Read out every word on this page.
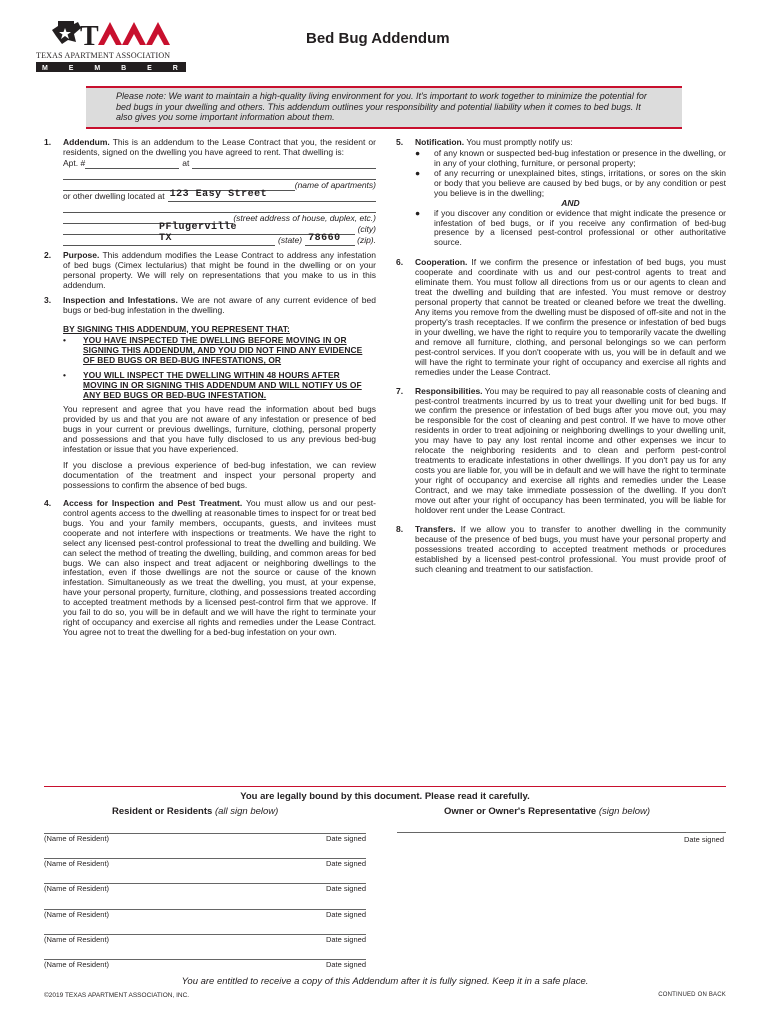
T
TEXAS APARTMENT ASSOCIATION
M E M B E R
Bed Bug Addendum
Please note: We want to maintain a high-quality living environment for you. It's important to work together to minimize the potential for bed bugs in your dwelling and others. This addendum outlines your responsibility and potential liability when it comes to bed bugs. It also gives you some important information about them.
1. Addendum. This is an addendum to the Lease Contract that you, the resident or residents, signed on the dwelling you have agreed to rent. That dwelling is:

Apt. #	at
(name of apartments)
or other dwelling located at 123 Easy Street
(street address of house, duplex, etc.)
PFlugerville	(city)
TX	(state) 78660 (zip).
2. Purpose. This addendum modifies the Lease Contract to address any infestation of bed bugs (Cimex lectularius) that might be found in the dwelling or on your personal property. We will rely on representations that you make to us in this addendum.

3. Inspection and Infestations. We are not aware of any current evidence of bed bugs or bed-bug infestation in the dwelling.

BY SIGNING THIS ADDENDUM, YOU REPRESENT THAT:
• YOU HAVE INSPECTED THE DWELLING BEFORE MOVING IN OR SIGNING THIS ADDENDUM, AND YOU DID NOT FIND ANY EVIDENCE OF BED BUGS OR BED-BUG INFESTATIONS, OR
• YOU WILL INSPECT THE DWELLING WITHIN 48 HOURS AFTER MOVING IN OR SIGNING THIS ADDENDUM AND WILL NOTIFY US OF ANY BED BUGS OR BED-BUG INFESTATION.

You represent and agree that you have read the information about bed bugs provided by us and that you are not aware of any infestation or presence of bed bugs in your current or previous dwellings, furniture, clothing, personal property and possessions and that you have fully disclosed to us any previous bed-bug infestation or issue that you have experienced.

If you disclose a previous experience of bed-bug infestation, we can review documentation of the treatment and inspect your personal property and possessions to confirm the absence of bed bugs.

4. Access for Inspection and Pest Treatment. You must allow us and our pest-control agents access to the dwelling at reasonable times to inspect for or treat bed bugs. You and your family members, occupants, guests, and invitees must cooperate and not interfere with inspections or treatments. We have the right to select any licensed pest-control professional to treat the dwelling and building. We can select the method of treating the dwelling, building, and common areas for bed bugs. We can also inspect and treat adjacent or neighboring dwellings to the infestation, even if those dwellings are not the source or cause of the known infestation. Simultaneously as we treat the dwelling, you must, at your expense, have your personal property, furniture, clothing, and possessions treated according to accepted treatment methods by a licensed pest-control firm that we approve. If you fail to do so, you will be in default and we will have the right to terminate your right of occupancy and exercise all rights and remedies under the Lease Contract. You agree not to treat the dwelling for a bed-bug infestation on your own.

5. Notification. You must promptly notify us:

● of any known or suspected bed-bug infestation or presence in the dwelling, or in any of your clothing, furniture, or personal property;
● of any recurring or unexplained bites, stings, irritations, or sores on the skin or body that you believe are caused by bed bugs, or by any condition or pest you believe is in the dwelling;
AND
● if you discover any condition or evidence that might indicate the presence or infestation of bed bugs, or if you receive any confirmation of bed-bug presence by a licensed pest-control professional or other authoritative source.
6. Cooperation. If we confirm the presence or infestation of bed bugs, you must cooperate and coordinate with us and our pest-control agents to treat and eliminate them. You must follow all directions from us or our agents to clean and treat the dwelling and building that are infested. You must remove or destroy personal property that cannot be treated or cleaned before we treat the dwelling. Any items you remove from the dwelling must be disposed of off-site and not in the property's trash receptacles. If we confirm the presence or infestation of bed bugs in your dwelling, we have the right to require you to temporarily vacate the dwelling and remove all furniture, clothing, and personal belongings so we can perform pest-control services. If you don't cooperate with us, you will be in default and we will have the right to terminate your right of occupancy and exercise all rights and remedies under the Lease Contract.

7. Responsibilities. You may be required to pay all reasonable costs of cleaning and pest-control treatments incurred by us to treat your dwelling unit for bed bugs. If we confirm the presence or infestation of bed bugs after you move out, you may be responsible for the cost of cleaning and pest control. If we have to move other residents in order to treat adjoining or neighboring dwellings to your dwelling unit, you may have to pay any lost rental income and other expenses we incur to relocate the neighboring residents and to clean and perform pest-control treatments to eradicate infestations in other dwellings. If you don't pay us for any costs you are liable for, you will be in default and we will have the right to terminate your right of occupancy and exercise all rights and remedies under the Lease Contract, and we may take immediate possession of the dwelling. If you don't move out after your right of occupancy has been terminated, you will be liable for holdover rent under the Lease Contract.

8. Transfers. If we allow you to transfer to another dwelling in the community because of the presence of bed bugs, you must have your personal property and possessions treated according to accepted treatment methods or procedures established by a licensed pest-control professional. You must provide proof of such cleaning and treatment to our satisfaction.

You are legally bound by this document. Please read it carefully.
Resident or Residents (all sign below)	Owner or Owner's Representative (sign below)
(Name of Resident)	Date signed
(Name of Resident)	Date signed
(Name of Resident)	Date signed
(Name of Resident)	Date signed
(Name of Resident)	Date signed
(Name of Resident)	Date signed
Date signed
You are entitled to receive a copy of this Addendum after it is fully signed. Keep it in a safe place.
©2019 TEXAS APARTMENT ASSOCIATION, INC.	CONTINUED ON BACK
